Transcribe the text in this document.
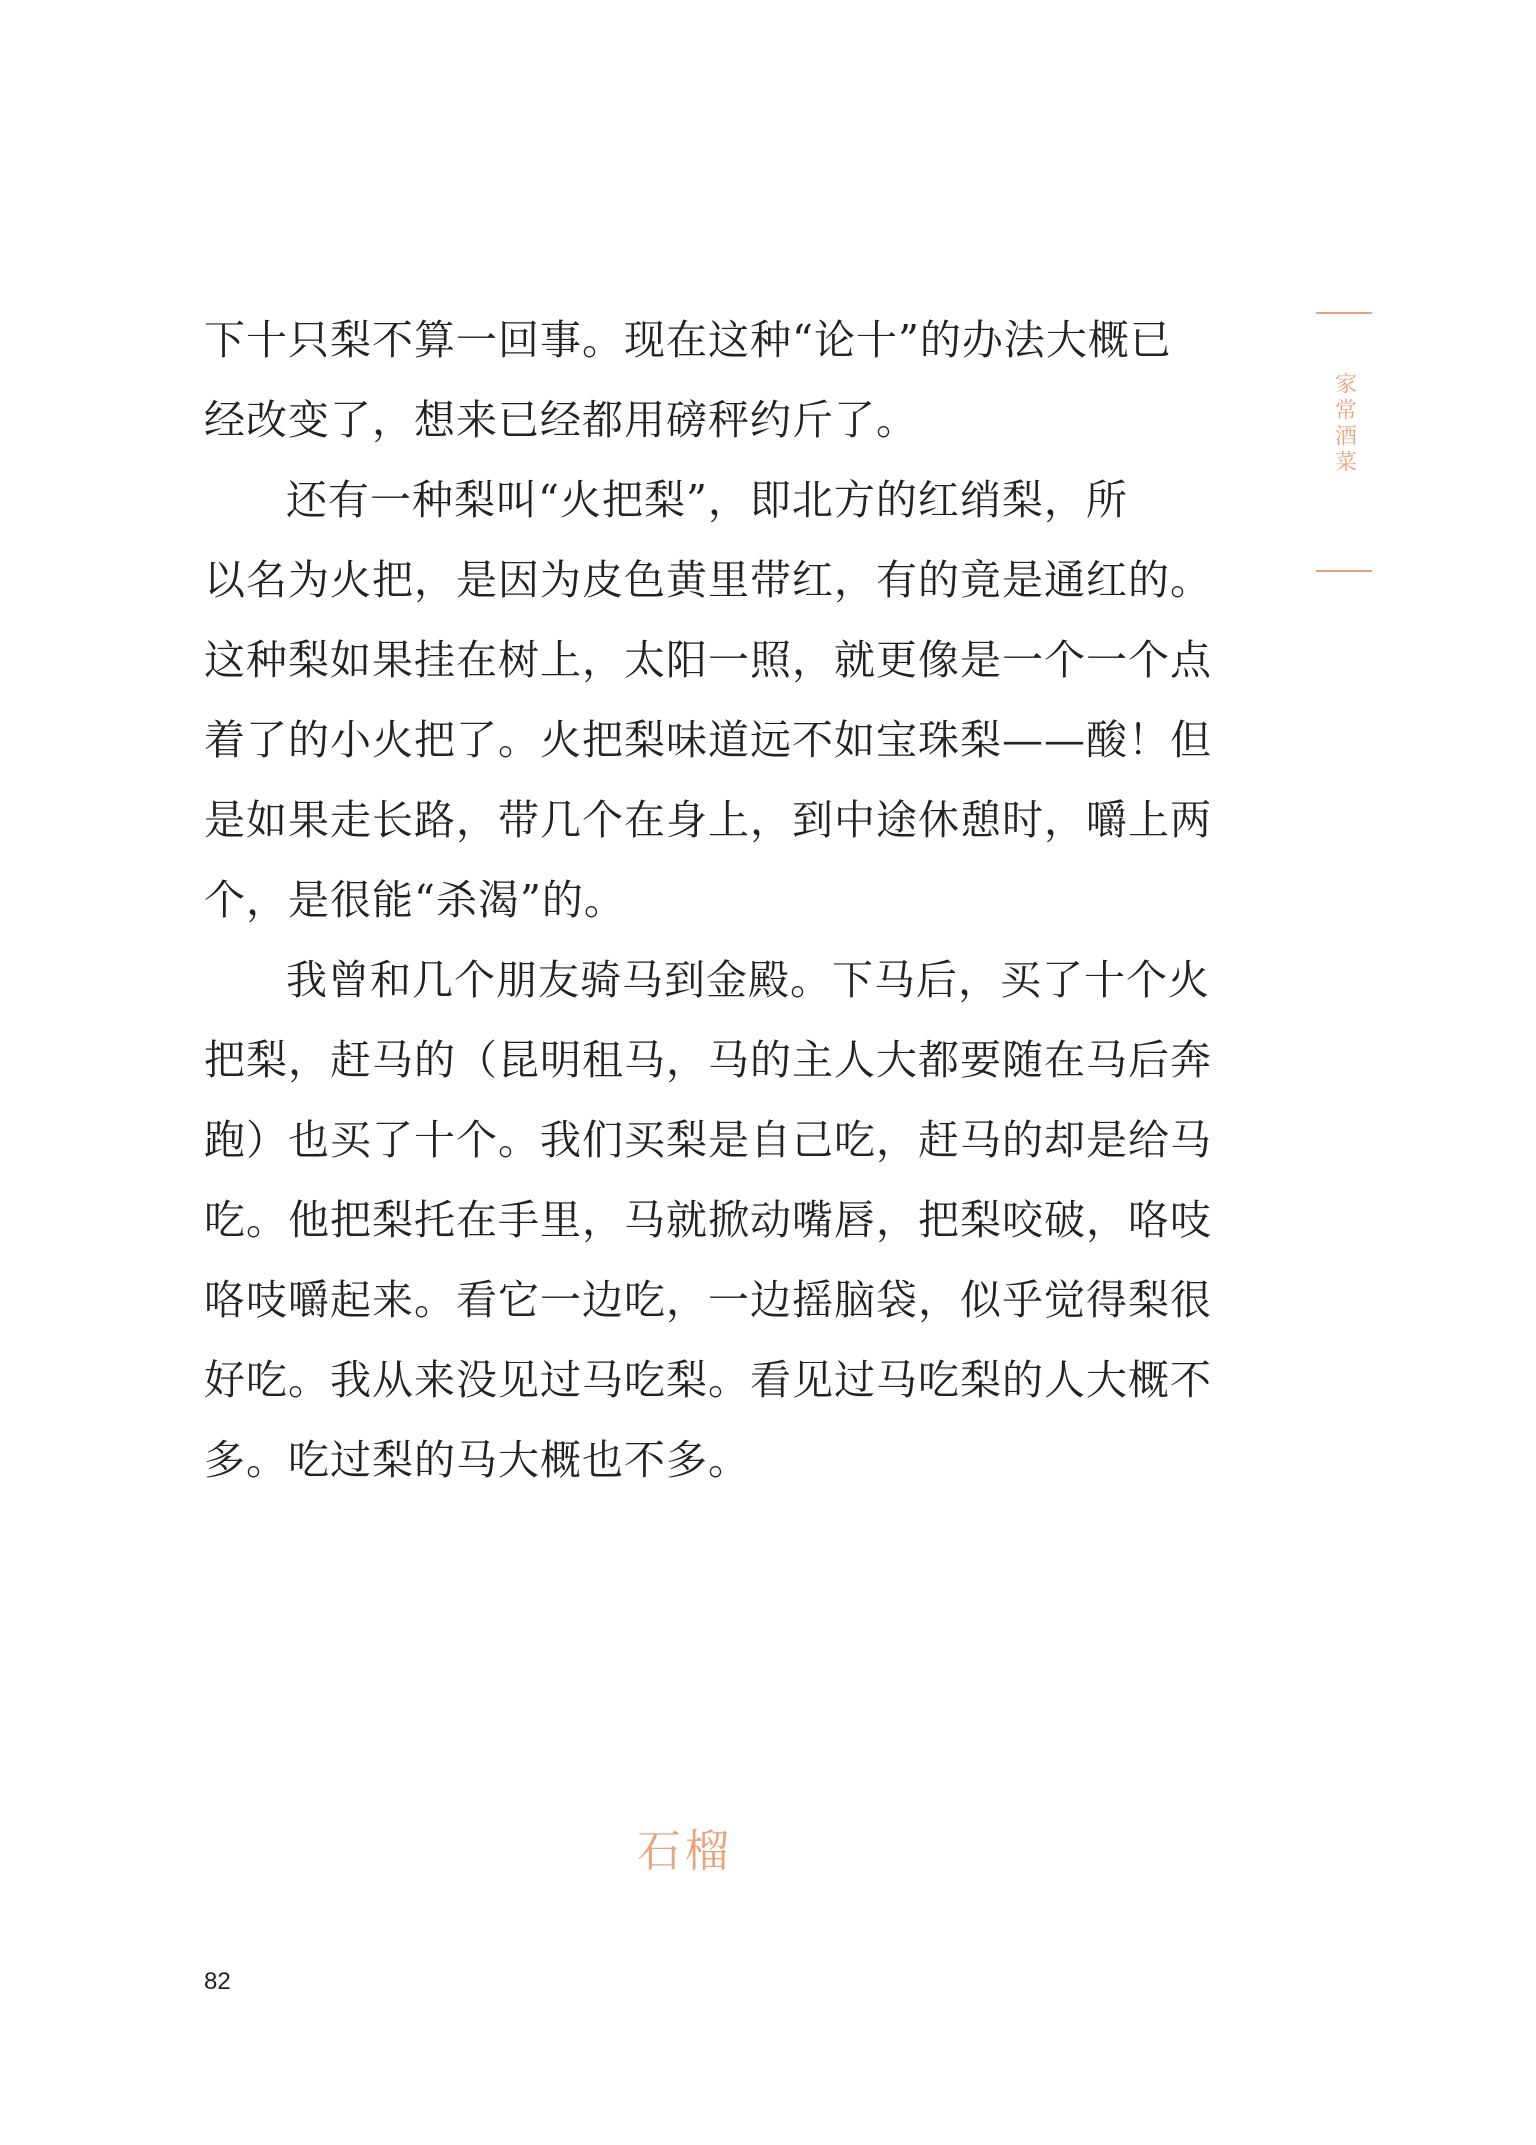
家常酒菜
下十只梨不算一回事。现在这种“论十”的办法大概已
经改变了，想来已经都用磅秤约斤了。
还有一种梨叫“火把梨”，即北方的红绡梨，所
以名为火把，是因为皮色黄里带红，有的竟是通红的。
这种梨如果挂在树上，太阳一照，就更像是一个一个点
着了的小火把了。火把梨味道远不如宝珠梨——酸！但
是如果走长路，带几个在身上，到中途休憩时，嚼上两
个，是很能“杀渴”的。
我曾和几个朋友骑马到金殿。下马后，买了十个火
把梨，赶马的（昆明租马，马的主人大都要随在马后奔
跑）也买了十个。我们买梨是自己吃，赶马的却是给马
吃。他把梨托在手里，马就掀动嘴唇，把梨咬破，咯吱
咯吱嚼起来。看它一边吃，一边摇脑袋，似乎觉得梨很
好吃。我从来没见过马吃梨。看见过马吃梨的人大概不
多。吃过梨的马大概也不多。
石榴
82
